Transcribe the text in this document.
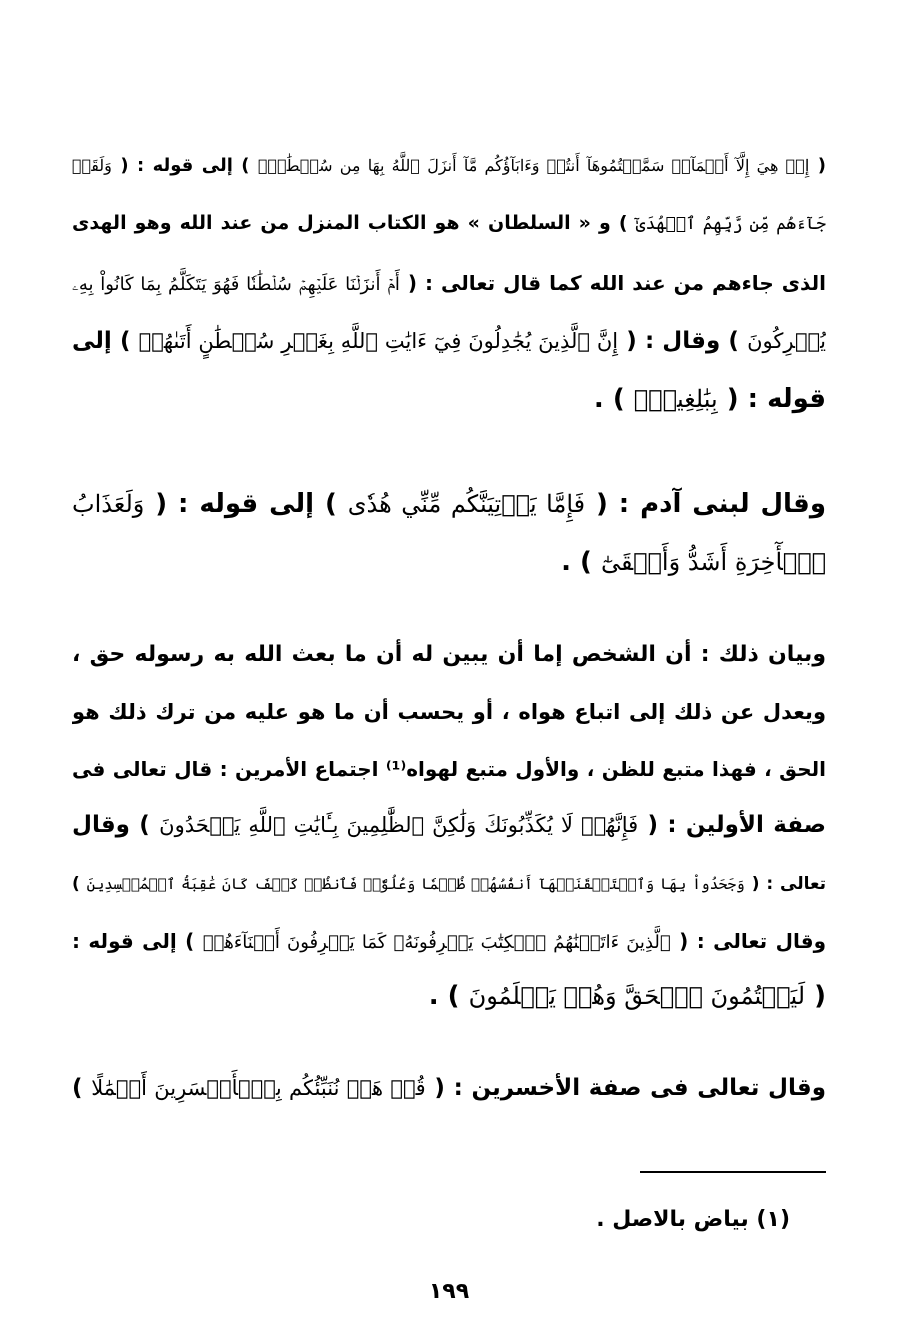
( إِنۡ هِيَ إِلَّآ أَسۡمَآءٞ سَمَّيۡتُمُوهَآ أَنتُمۡ وَءَابَآؤُكُم مَّآ أَنزَلَ ٱللَّهُ بِهَا مِن سُلۡطَٰنٍۚ ) إلى قوله : ( وَلَقَدۡ
جَآءَهُم مِّن رَّبِّهِمُ ٱلۡهُدَىٰٓ ) و « السلطان » هو الكتاب المنزل من عند الله وهو الهدى
الذى جاءهم من عند الله كما قال تعالى : ( أَمۡ أَنزَلۡنَا عَلَيۡهِمۡ سُلۡطَٰنٗا فَهُوَ يَتَكَلَّمُ بِمَا كَانُواْ بِهِۦ
يُشۡرِكُونَ ) وقال : ( إِنَّ ٱلَّذِينَ يُجَٰدِلُونَ فِيٓ ءَايَٰتِ ٱللَّهِ بِغَيۡرِ سُلۡطَٰنٍ أَتَىٰهُمۡ ) إلى
قوله : ( بِبَٰلِغِيهِۚ ) .
وقال لبنى آدم : ( فَإِمَّا يَأۡتِيَنَّكُم مِّنِّي هُدٗى ) إلى قوله : ( وَلَعَذَابُ
ٱلۡأٓخِرَةِ أَشَدُّ وَأَبۡقَىٰٓ ) .
وبيان ذلك : أن الشخص إما أن يبين له أن ما بعث الله به رسوله حق ،
ويعدل عن ذلك إلى اتباع هواه ، أو يحسب أن ما هو عليه من ترك ذلك هو
الحق ، فهذا متبع للظن ، والأول متبع لهواه⁽¹⁾ اجتماع الأمرين : قال تعالى فى
صفة الأولين : ( فَإِنَّهُمۡ لَا يُكَذِّبُونَكَ وَلَٰكِنَّ ٱلظَّٰلِمِينَ بِـَٔايَٰتِ ٱللَّهِ يَجۡحَدُونَ ) وقال
تعالى : ( وَجَحَدُواْ بِهَا وَٱسۡتَيۡقَنَتۡهَآ أَنفُسُهُمۡ ظُلۡمٗا وَعُلُوّٗاۚ فَٱنظُرۡ كَيۡفَ كَانَ عَٰقِبَةُ ٱلۡمُفۡسِدِينَ )
وقال تعالى : ( ٱلَّذِينَ ءَاتَيۡنَٰهُمُ ٱلۡكِتَٰبَ يَعۡرِفُونَهُۥ كَمَا يَعۡرِفُونَ أَبۡنَآءَهُمۡ ) إلى قوله :
( لَيَكۡتُمُونَ ٱلۡحَقَّ وَهُمۡ يَعۡلَمُونَ ) .
وقال تعالى فى صفة الأخسرين : ( قُلۡ هَلۡ نُنَبِّئُكُم بِٱلۡأَخۡسَرِينَ أَعۡمَٰلًا )
(١) بياض بالاصل .
١٩٩
